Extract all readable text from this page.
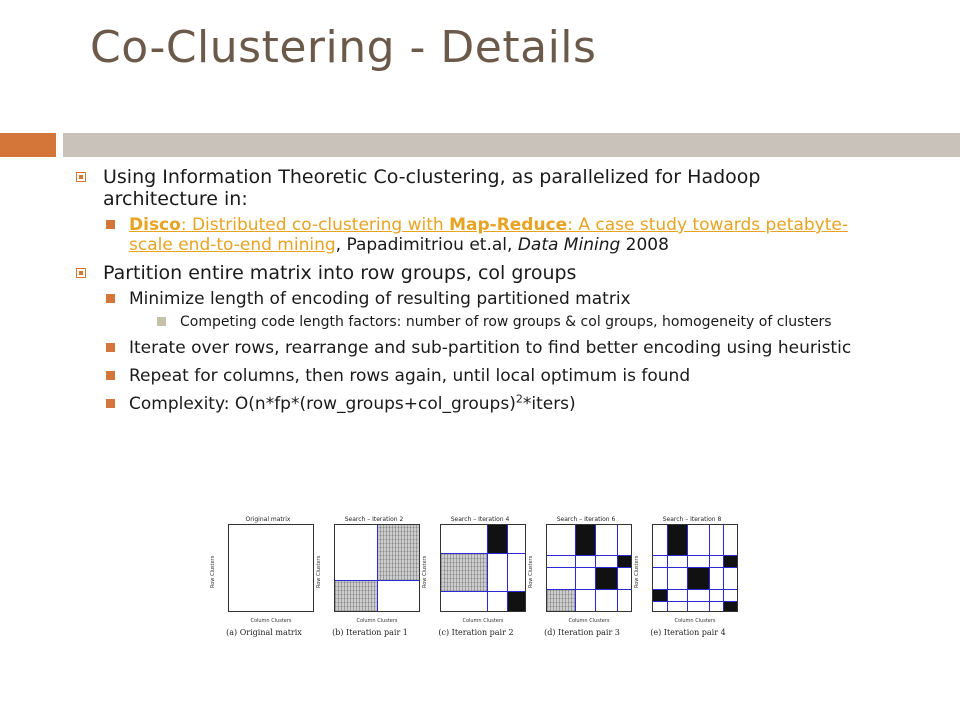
Co-Clustering - Details
Using Information Theoretic Co-clustering, as parallelized for Hadoop architecture in:
Disco: Distributed co-clustering with Map-Reduce: A case study towards petabyte-scale end-to-end mining, Papadimitriou et.al, Data Mining 2008
Partition entire matrix into row groups, col groups
Minimize length of encoding of resulting partitioned matrix
Competing code length factors: number of row groups & col groups, homogeneity of clusters
Iterate over rows, rearrange and sub-partition to find better encoding using heuristic
Repeat for columns, then rows again, until local optimum is found
Complexity: O(n*fp*(row_groups+col_groups)$^2$*iters)
Original matrix
Row Clusters
Column Clusters
(a) Original matrix
Search – Iteration 2
Row Clusters
Column Clusters
(b) Iteration pair 1
Search – Iteration 4
Row Clusters
Column Clusters
(c) Iteration pair 2
Search – Iteration 6
Row Clusters
Column Clusters
(d) Iteration pair 3
Search – Iteration 8
Row Clusters
Column Clusters
(e) Iteration pair 4
